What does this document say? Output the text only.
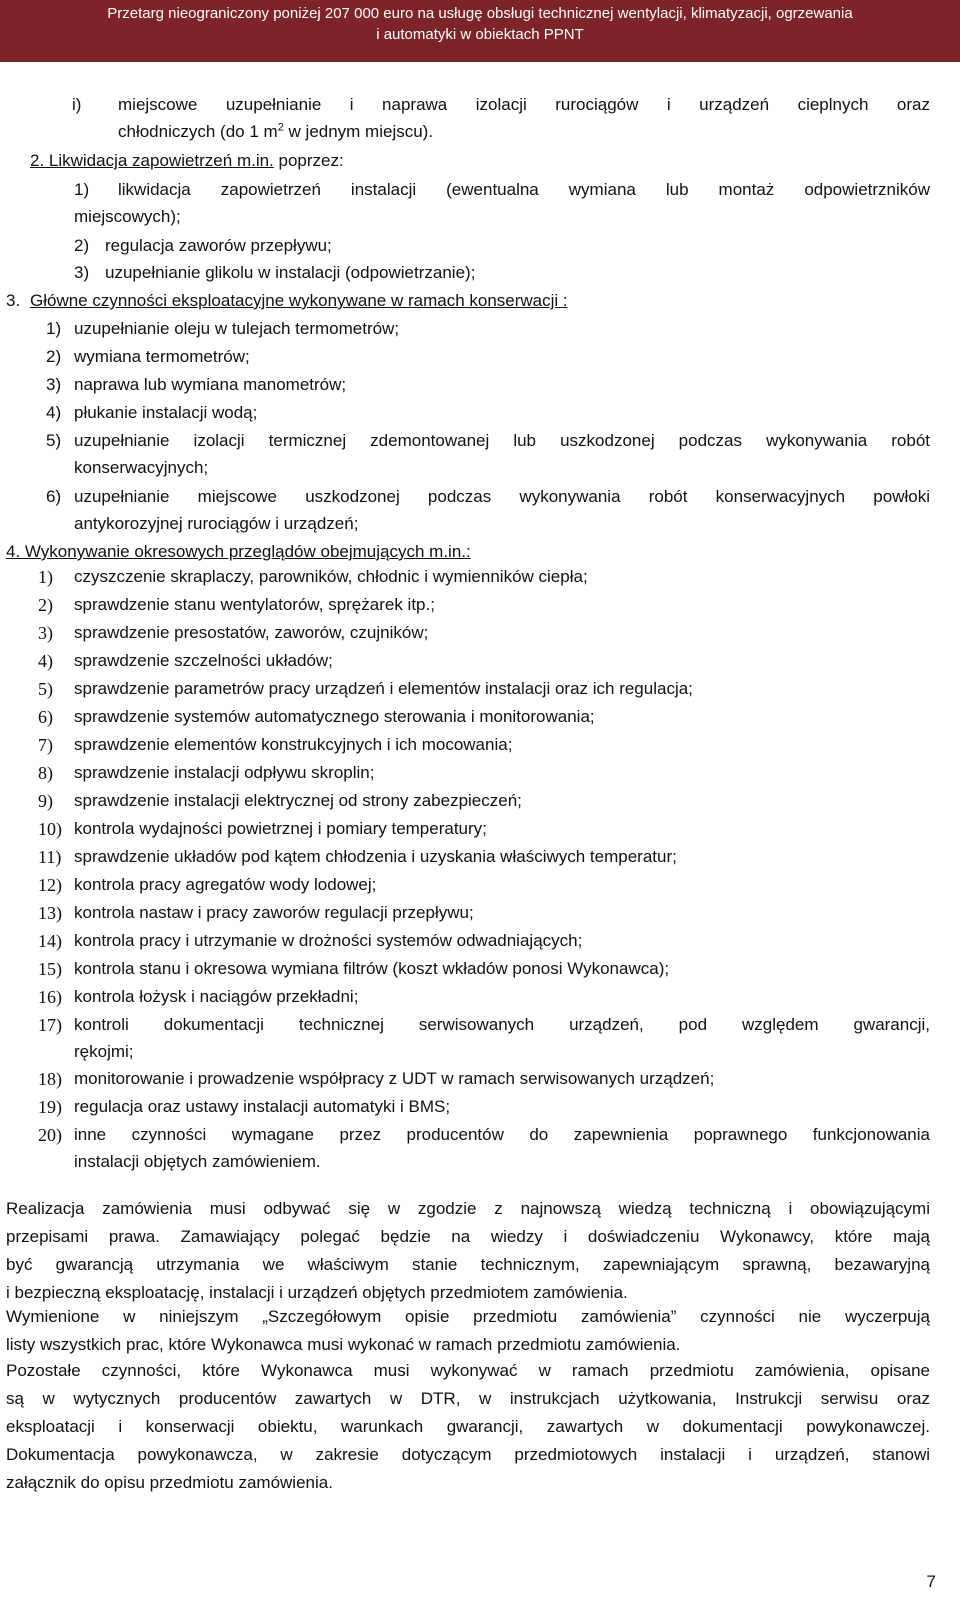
Przetarg nieograniczony poniżej 207 000 euro na usługę obsługi technicznej wentylacji, klimatyzacji, ogrzewania
i automatyki w obiektach PPNT
i) miejscowe uzupełnianie i naprawa izolacji rurociągów i urządzeń cieplnych oraz
chłodniczych (do 1 $m^2$ w jednym miejscu).
2. Likwidacja zapowietrzeń m.in. poprzez:
1) likwidacja zapowietrzeń instalacji (ewentualna wymiana lub montaż odpowietrzników
miejscowych);
2) regulacja zaworów przepływu;
3) uzupełnianie glikolu w instalacji (odpowietrzanie);
3. Główne czynności eksploatacyjne wykonywane w ramach konserwacji :
1) uzupełnianie oleju w tulejach termometrów;
2) wymiana termometrów;
3) naprawa lub wymiana manometrów;
4) płukanie instalacji wodą;
5) uzupełnianie izolacji termicznej zdemontowanej lub uszkodzonej podczas wykonywania robót
konserwacyjnych;
6) uzupełnianie miejscowe uszkodzonej podczas wykonywania robót konserwacyjnych powłoki
antykorozyjnej rurociągów i urządzeń;
4. Wykonywanie okresowych przeglądów obejmujących m.in.:
1) czyszczenie skraplaczy, parowników, chłodnic i wymienników ciepła;
2) sprawdzenie stanu wentylatorów, sprężarek itp.;
3) sprawdzenie presostatów, zaworów, czujników;
4) sprawdzenie szczelności układów;
5) sprawdzenie parametrów pracy urządzeń i elementów instalacji oraz ich regulacja;
6) sprawdzenie systemów automatycznego sterowania i monitorowania;
7) sprawdzenie elementów konstrukcyjnych i ich mocowania;
8) sprawdzenie instalacji odpływu skroplin;
9) sprawdzenie instalacji elektrycznej od strony zabezpieczeń;
10) kontrola wydajności powietrznej i pomiary temperatury;
11) sprawdzenie układów pod kątem chłodzenia i uzyskania właściwych temperatur;
12) kontrola pracy agregatów wody lodowej;
13) kontrola nastaw i pracy zaworów regulacji przepływu;
14) kontrola pracy i utrzymanie w drożności systemów odwadniających;
15) kontrola stanu i okresowa wymiana filtrów (koszt wkładów ponosi Wykonawca);
16) kontrola łożysk i naciągów przekładni;
17) kontroli dokumentacji technicznej serwisowanych urządzeń, pod względem gwarancji,
rękojmi;
18) monitorowanie i prowadzenie współpracy z UDT w ramach serwisowanych urządzeń;
19) regulacja oraz ustawy instalacji automatyki i BMS;
20) inne czynności wymagane przez producentów do zapewnienia poprawnego funkcjonowania
instalacji objętych zamówieniem.
Realizacja zamówienia musi odbywać się w zgodzie z najnowszą wiedzą techniczną i obowiązującymi
przepisami prawa. Zamawiający polegać będzie na wiedzy i doświadczeniu Wykonawcy, które mają
być gwarancją utrzymania we właściwym stanie technicznym, zapewniającym sprawną, bezawaryjną
i bezpieczną eksploatację, instalacji i urządzeń objętych przedmiotem zamówienia.
Wymienione w niniejszym „Szczegółowym opisie przedmiotu zamówienia” czynności nie wyczerpują
listy wszystkich prac, które Wykonawca musi wykonać w ramach przedmiotu zamówienia.
Pozostałe czynności, które Wykonawca musi wykonywać w ramach przedmiotu zamówienia, opisane
są w wytycznych producentów zawartych w DTR, w instrukcjach użytkowania, Instrukcji serwisu oraz
eksploatacji i konserwacji obiektu, warunkach gwarancji, zawartych w dokumentacji powykonawczej.
Dokumentacja powykonawcza, w zakresie dotyczącym przedmiotowych instalacji i urządzeń, stanowi
załącznik do opisu przedmiotu zamówienia.
7
